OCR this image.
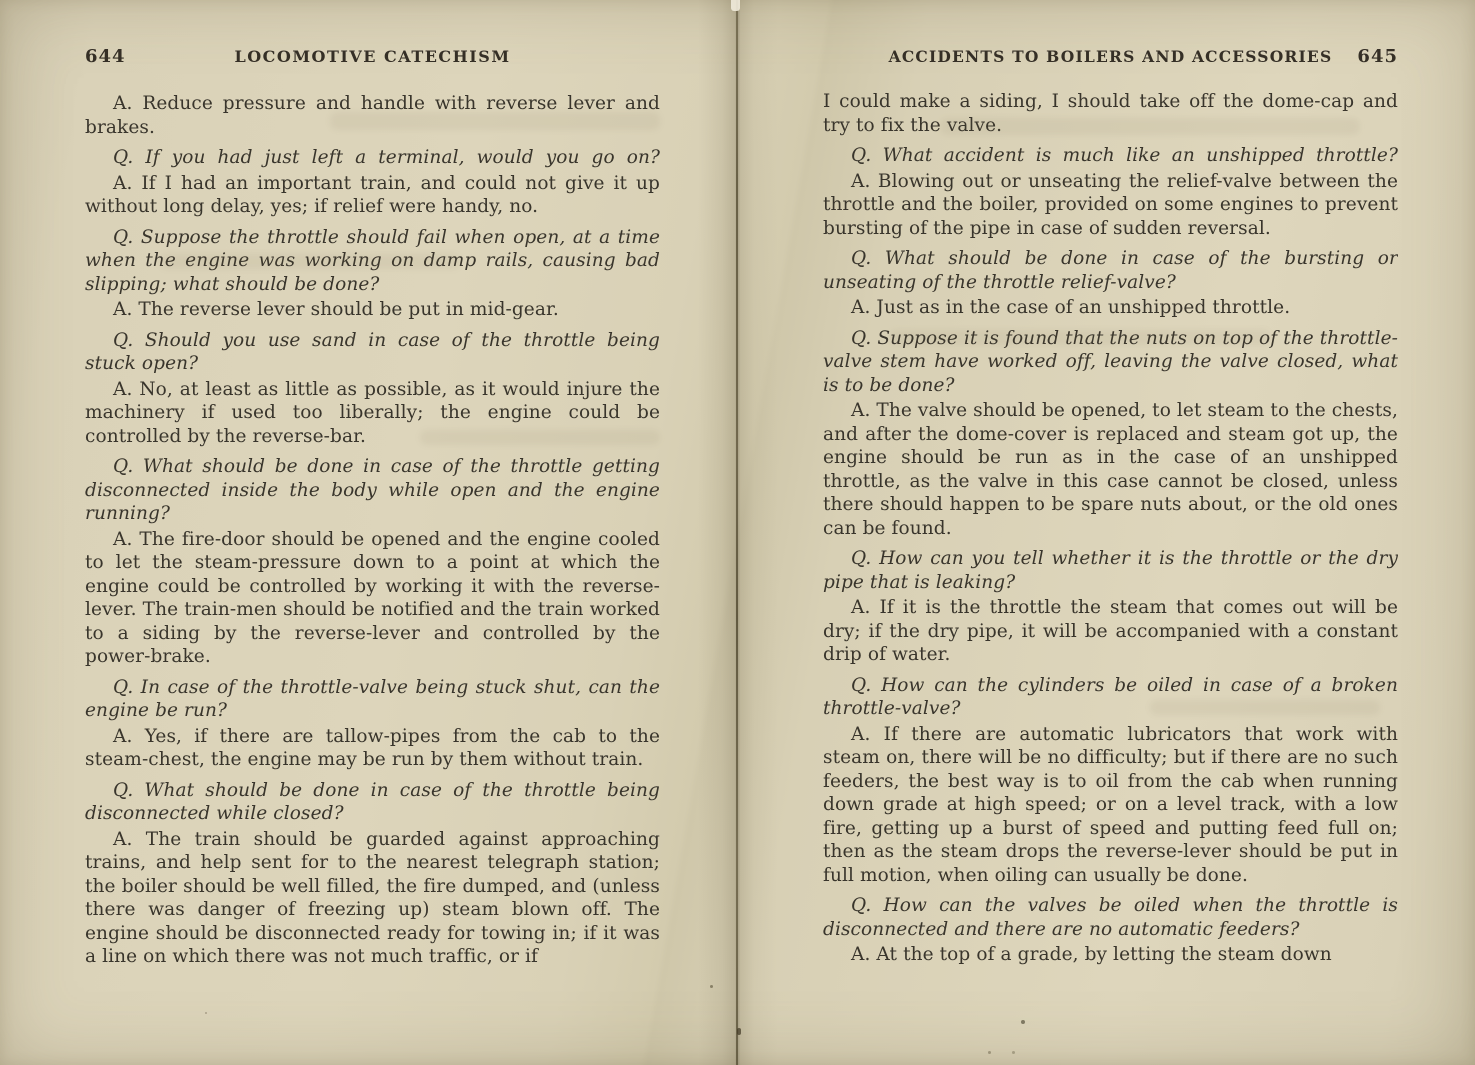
644	LOCOMOTIVE CATECHISM

A. Reduce pressure and handle with reverse lever and brakes.

Q. If you had just left a terminal, would you go on?

A. If I had an important train, and could not give it up without long delay, yes; if relief were handy, no.

Q. Suppose the throttle should fail when open, at a time when the engine was working on damp rails, causing bad slipping; what should be done?

A. The reverse lever should be put in mid-gear.

Q. Should you use sand in case of the throttle being stuck open?

A. No, at least as little as possible, as it would injure the machinery if used too liberally; the engine could be controlled by the reverse-bar.

Q. What should be done in case of the throttle getting disconnected inside the body while open and the engine running?

A. The fire-door should be opened and the engine cooled to let the steam-pressure down to a point at which the engine could be controlled by working it with the reverse-lever. The train-men should be notified and the train worked to a siding by the reverse-lever and controlled by the power-brake.

Q. In case of the throttle-valve being stuck shut, can the engine be run?

A. Yes, if there are tallow-pipes from the cab to the steam-chest, the engine may be run by them without train.

Q. What should be done in case of the throttle being disconnected while closed?

A. The train should be guarded against approaching trains, and help sent for to the nearest telegraph station; the boiler should be well filled, the fire dumped, and (unless there was danger of freezing up) steam blown off. The engine should be disconnected ready for towing in; if it was a line on which there was not much traffic, or if

ACCIDENTS TO BOILERS AND ACCESSORIES	645

I could make a siding, I should take off the dome-cap and try to fix the valve.

Q. What accident is much like an unshipped throttle?

A. Blowing out or unseating the relief-valve between the throttle and the boiler, provided on some engines to prevent bursting of the pipe in case of sudden reversal.

Q. What should be done in case of the bursting or unseating of the throttle relief-valve?

A. Just as in the case of an unshipped throttle.

Q. Suppose it is found that the nuts on top of the throttle-valve stem have worked off, leaving the valve closed, what is to be done?

A. The valve should be opened, to let steam to the chests, and after the dome-cover is replaced and steam got up, the engine should be run as in the case of an unshipped throttle, as the valve in this case cannot be closed, unless there should happen to be spare nuts about, or the old ones can be found.

Q. How can you tell whether it is the throttle or the dry pipe that is leaking?

A. If it is the throttle the steam that comes out will be dry; if the dry pipe, it will be accompanied with a constant drip of water.

Q. How can the cylinders be oiled in case of a broken throttle-valve?

A. If there are automatic lubricators that work with steam on, there will be no difficulty; but if there are no such feeders, the best way is to oil from the cab when running down grade at high speed; or on a level track, with a low fire, getting up a burst of speed and putting feed full on; then as the steam drops the reverse-lever should be put in full motion, when oiling can usually be done.

Q. How can the valves be oiled when the throttle is disconnected and there are no automatic feeders?

A. At the top of a grade, by letting the steam down
